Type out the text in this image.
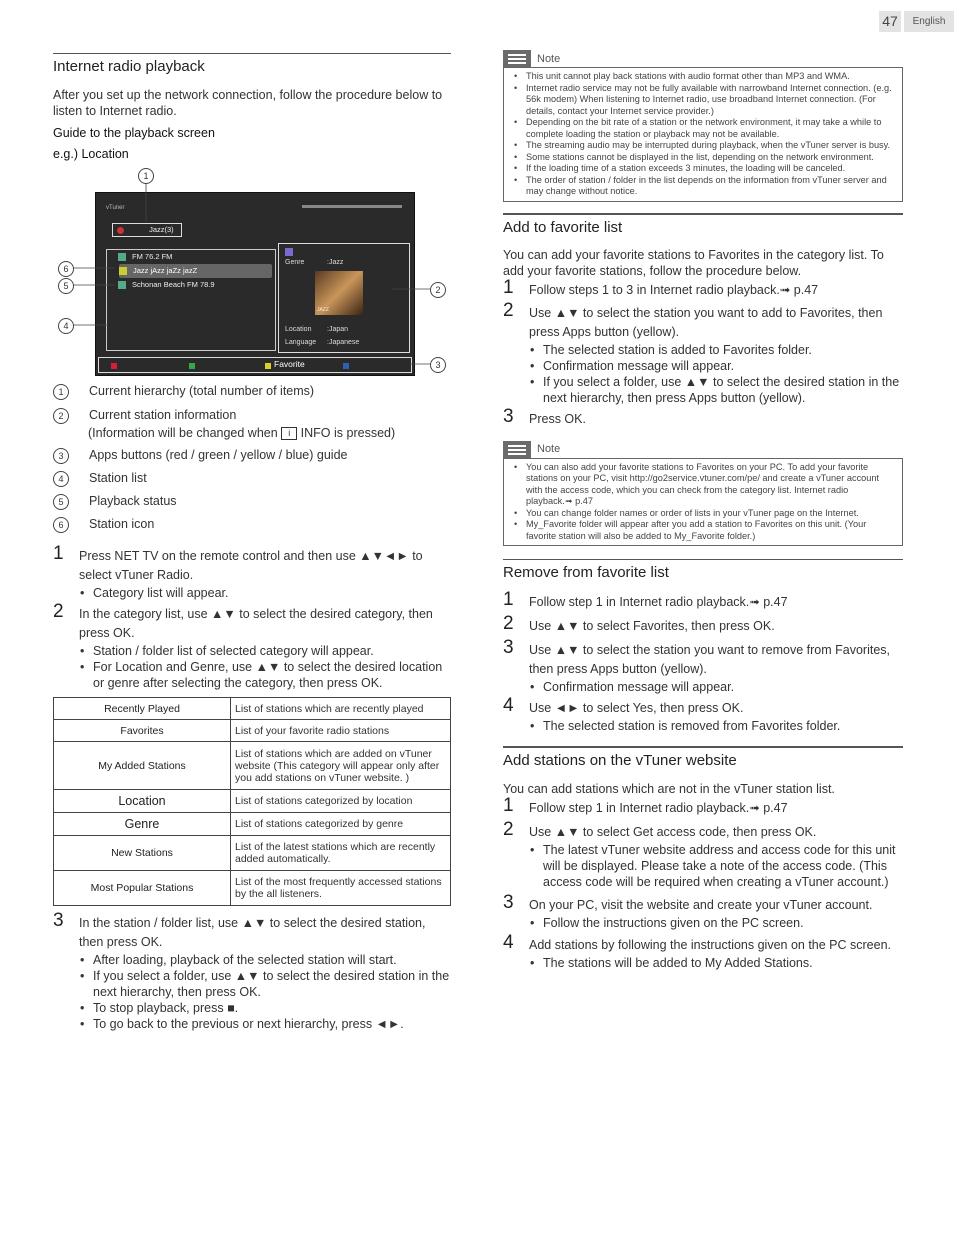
47	English
Internet radio playback
After you set up the network connection, follow the procedure below to listen to Internet radio.
Guide to the playback screen
e.g.) Location
vTuner
Jazz(3)
FM 76.2 FM
Jazz jAzz jaZz jazZ
Schonan Beach FM 78.9
Genre	:Jazz
JAZZ
Location :Japan
Language :Japanese
Favorite
1
2
3
4
5
6
1 Current hierarchy (total number of items)
2 Current station information
(Information will be changed when i INFO is pressed)
3 Apps buttons (red / green / yellow / blue) guide
4 Station list
5 Playback status
6 Station icon
1 Press NET TV on the remote control and then use ▲▼◄► to select vTuner Radio.
• Category list will appear.
2 In the category list, use ▲▼ to select the desired category, then press OK.
• Station / folder list of selected category will appear.
• For Location and Genre, use ▲▼ to select the desired location or genre after selecting the category, then press OK.
Recently Played	List of stations which are recently played
Favorites	List of your favorite radio stations
My Added Stations	List of stations which are added on vTuner website (This category will appear only after you add stations on vTuner website. )
Location	List of stations categorized by location
Genre	List of stations categorized by genre
New Stations	List of the latest stations which are recently added automatically.
Most Popular Stations	List of the most frequently accessed stations by the all listeners.
3 In the station / folder list, use ▲▼ to select the desired station, then press OK.
• After loading, playback of the selected station will start.
• If you select a folder, use ▲▼ to select the desired station in the next hierarchy, then press OK.
• To stop playback, press ■.
• To go back to the previous or next hierarchy, press ◄►.
Note
• This unit cannot play back stations with audio format other than MP3 and WMA.
• Internet radio service may not be fully available with narrowband Internet connection. (e.g. 56k modem) When listening to Internet radio, use broadband Internet connection. (For details, contact your Internet service provider.)
• Depending on the bit rate of a station or the network environment, it may take a while to complete loading the station or playback may not be available.
• The streaming audio may be interrupted during playback, when the vTuner server is busy.
• Some stations cannot be displayed in the list, depending on the network environment.
• If the loading time of a station exceeds 3 minutes, the loading will be canceled.
• The order of station / folder in the list depends on the information from vTuner server and may change without notice.
Add to favorite list
You can add your favorite stations to Favorites in the category list. To add your favorite stations, follow the procedure below.
1 Follow steps 1 to 3 in Internet radio playback.➟ p.47
2 Use ▲▼ to select the station you want to add to Favorites, then press Apps button (yellow).
• The selected station is added to Favorites folder.
• Confirmation message will appear.
• If you select a folder, use ▲▼ to select the desired station in the next hierarchy, then press Apps button (yellow).
3 Press OK.
Note
• You can also add your favorite stations to Favorites on your PC. To add your favorite stations on your PC, visit http://go2service.vtuner.com/pe/ and create a vTuner account with the access code, which you can check from the category list. Internet radio playback.➟ p.47
• You can change folder names or order of lists in your vTuner page on the Internet.
• My_Favorite folder will appear after you add a station to Favorites on this unit. (Your favorite station will also be added to My_Favorite folder.)
Remove from favorite list
1 Follow step 1 in Internet radio playback.➟ p.47
2 Use ▲▼ to select Favorites, then press OK.
3 Use ▲▼ to select the station you want to remove from Favorites, then press Apps button (yellow).
• Confirmation message will appear.
4 Use ◄► to select Yes, then press OK.
• The selected station is removed from Favorites folder.
Add stations on the vTuner website
You can add stations which are not in the vTuner station list.
1 Follow step 1 in Internet radio playback.➟ p.47
2 Use ▲▼ to select Get access code, then press OK.
• The latest vTuner website address and access code for this unit will be displayed. Please take a note of the access code. (This access code will be required when creating a vTuner account.)
3 On your PC, visit the website and create your vTuner account.
• Follow the instructions given on the PC screen.
4 Add stations by following the instructions given on the PC screen.
• The stations will be added to My Added Stations.
